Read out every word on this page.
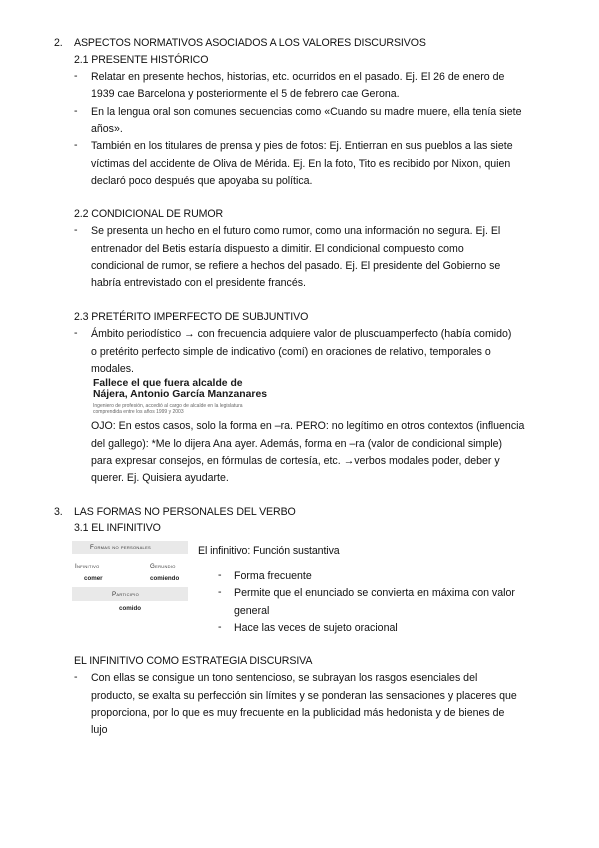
2. ASPECTOS NORMATIVOS ASOCIADOS A LOS VALORES DISCURSIVOS
2.1 PRESENTE HISTÓRICO
- Relatar en presente hechos, historias, etc. ocurridos en el pasado. Ej. El 26 de enero de
1939 cae Barcelona y posteriormente el 5 de febrero cae Gerona.
- En la lengua oral son comunes secuencias como «Cuando su madre muere, ella tenía siete
años».
- También en los titulares de prensa y pies de fotos: Ej. Entierran en sus pueblos a las siete
víctimas del accidente de Oliva de Mérida. Ej. En la foto, Tito es recibido por Nixon, quien
declaró poco después que apoyaba su política.
2.2 CONDICIONAL DE RUMOR
- Se presenta un hecho en el futuro como rumor, como una información no segura. Ej. El
entrenador del Betis estaría dispuesto a dimitir. El condicional compuesto como
condicional de rumor, se refiere a hechos del pasado. Ej. El presidente del Gobierno se
habría entrevistado con el presidente francés.
2.3 PRETÉRITO IMPERFECTO DE SUBJUNTIVO
- Ámbito periodístico → con frecuencia adquiere valor de pluscuamperfecto (había comido)
o pretérito perfecto simple de indicativo (comí) en oraciones de relativo, temporales o
modales.
Fallece el que fuera alcalde de
Nájera, Antonio García Manzanares
Ingeniero de profesión, accedió al cargo de alcalde en la legislatura
comprendida entre los años 1999 y 2003
OJO: En estos casos, solo la forma en –ra. PERO: no legítimo en otros contextos (influencia
del gallego): *Me lo dijera Ana ayer. Además, forma en –ra (valor de condicional simple)
para expresar consejos, en fórmulas de cortesía, etc. →verbos modales poder, deber y
querer. Ej. Quisiera ayudarte.
3. LAS FORMAS NO PERSONALES DEL VERBO
3.1 EL INFINITIVO
Formas no personales
Infinitivo	Gerundio
comer	comiendo
Participio
comido
El infinitivo: Función sustantiva
- Forma frecuente
- Permite que el enunciado se convierta en máxima con valor
general
- Hace las veces de sujeto oracional
EL INFINITIVO COMO ESTRATEGIA DISCURSIVA
- Con ellas se consigue un tono sentencioso, se subrayan los rasgos esenciales del
producto, se exalta su perfección sin límites y se ponderan las sensaciones y placeres que
proporciona, por lo que es muy frecuente en la publicidad más hedonista y de bienes de
lujo
